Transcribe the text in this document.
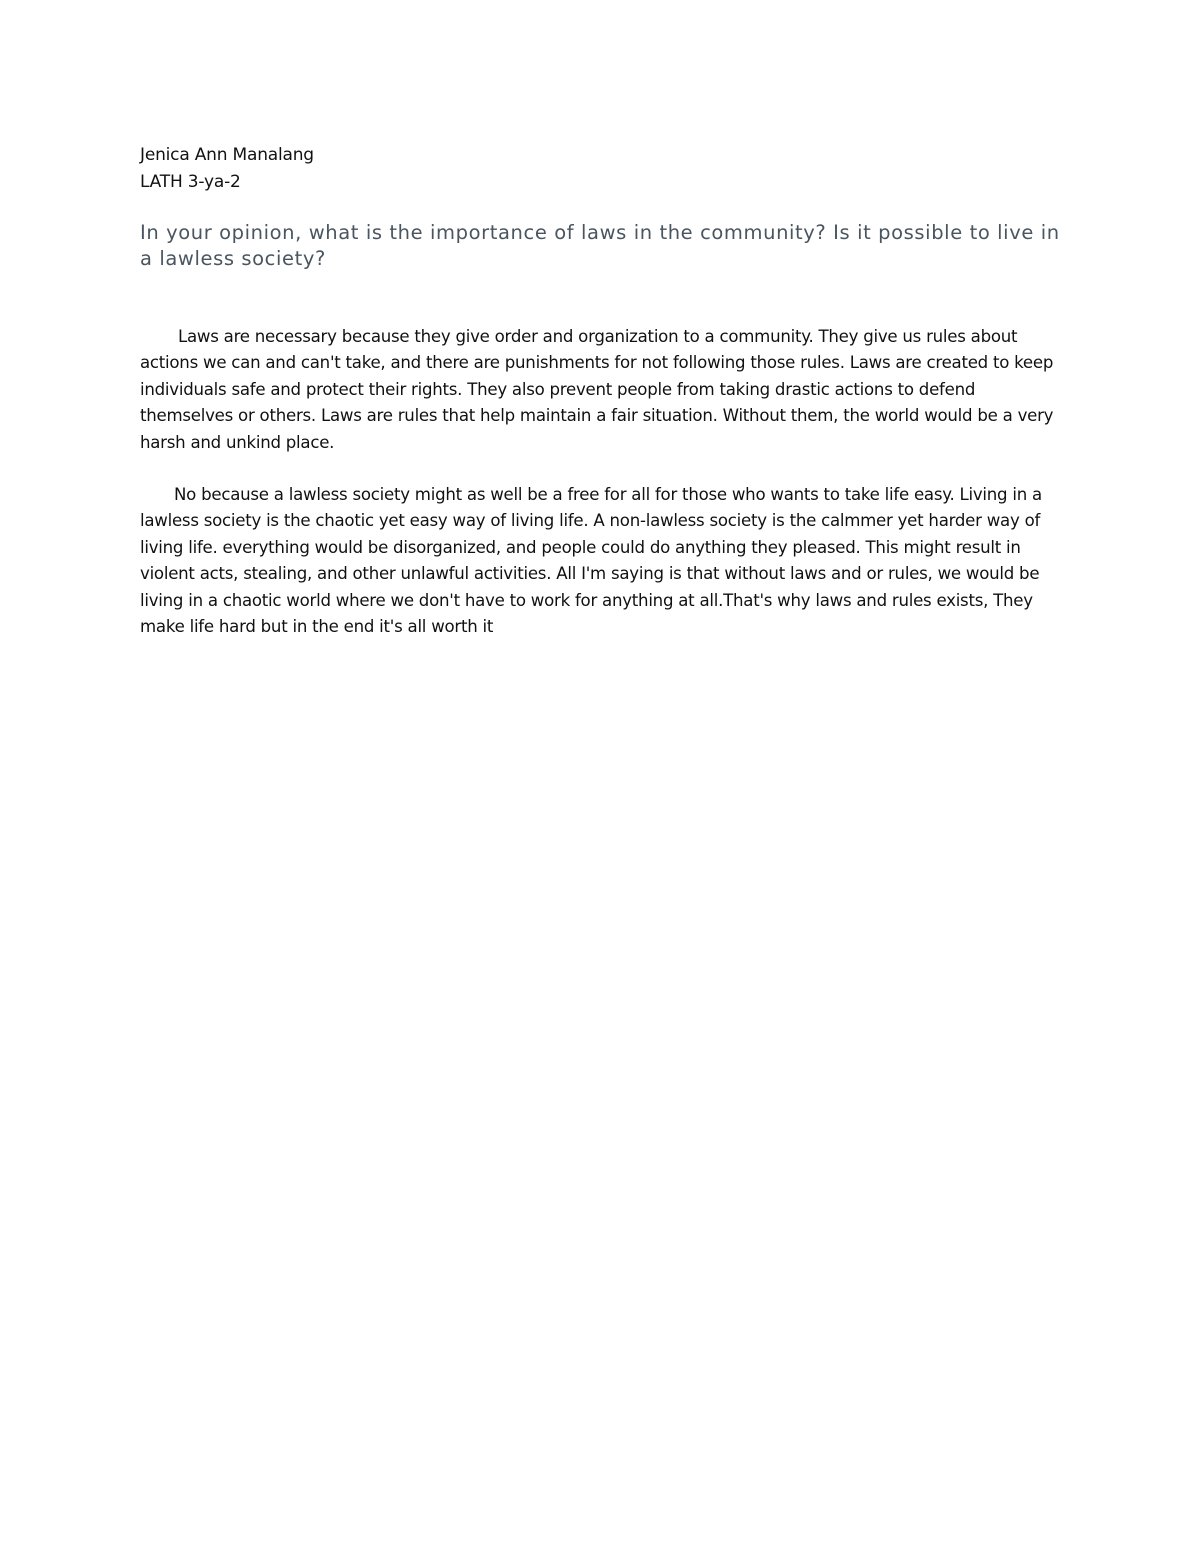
Jenica Ann Manalang

LATH 3-ya-2

In your opinion, what is the importance of laws in the community? Is it possible to live in a lawless society?

Laws are necessary because they give order and organization to a community. They give us rules about actions we can and can't take, and there are punishments for not following those rules. Laws are created to keep individuals safe and protect their rights. They also prevent people from taking drastic actions to defend themselves or others. Laws are rules that help maintain a fair situation. Without them, the world would be a very harsh and unkind place.

No because a lawless society might as well be a free for all for those who wants to take life easy. Living in a lawless society is the chaotic yet easy way of living life. A non-lawless society is the calmmer yet harder way of living life. everything would be disorganized, and people could do anything they pleased. This might result in violent acts, stealing, and other unlawful activities. All I'm saying is that without laws and or rules, we would be living in a chaotic world where we don't have to work for anything at all.That's why laws and rules exists, They make life hard but in the end it's all worth it
